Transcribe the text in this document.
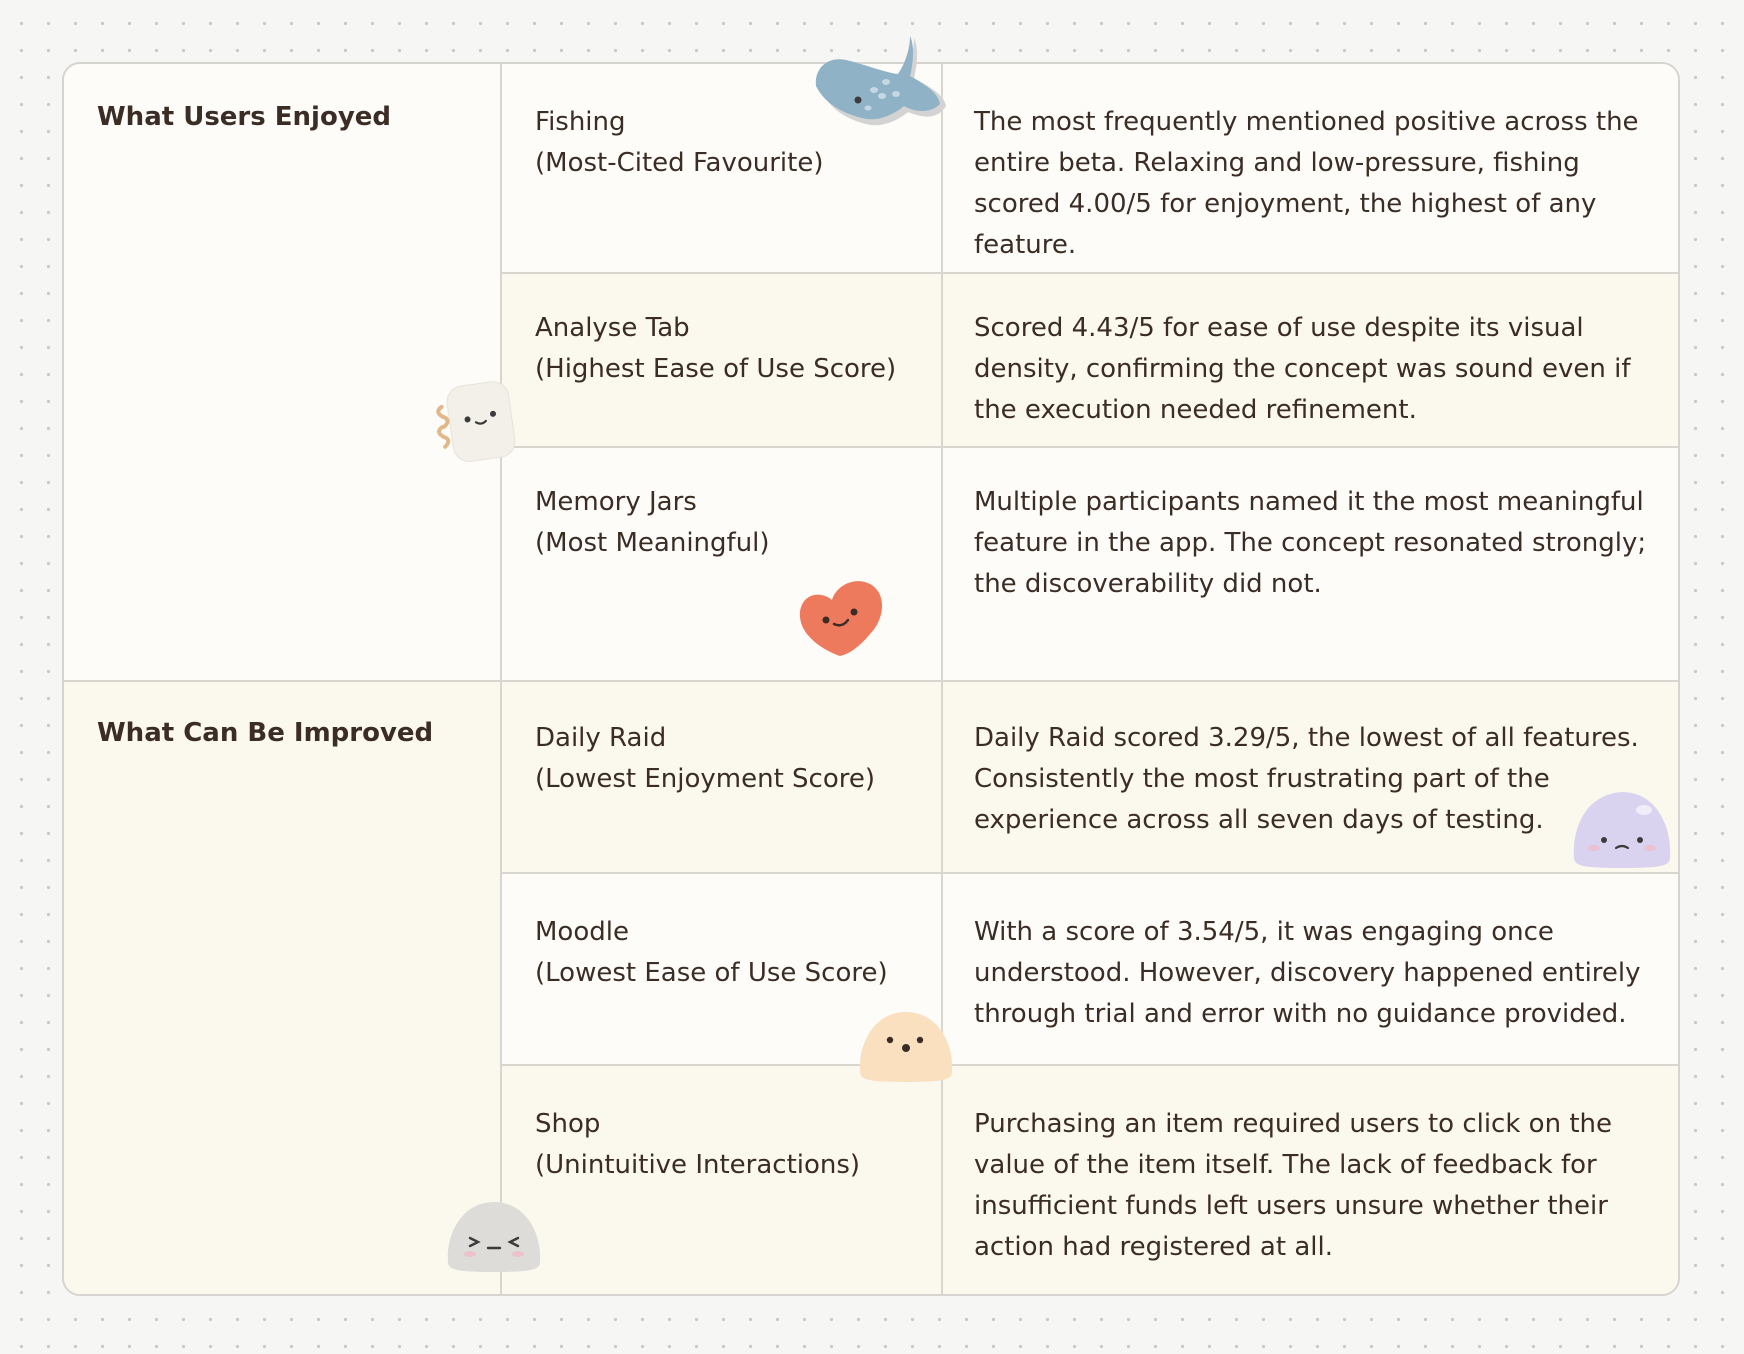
What Users Enjoyed	Fishing
(Most-Cited Favourite)
The most frequently mentioned positive across the entire beta. Relaxing and low-pressure, fishing scored 4.00/5 for enjoyment, the highest of any feature.
Analyse Tab
(Highest Ease of Use Score)
Scored 4.43/5 for ease of use despite its visual density, confirming the concept was sound even if the execution needed refinement.
Memory Jars
(Most Meaningful)
Multiple participants named it the most meaningful feature in the app. The concept resonated strongly; the discoverability did not.
What Can Be Improved	Daily Raid
(Lowest Enjoyment Score)
Daily Raid scored 3.29/5, the lowest of all features. Consistently the most frustrating part of the experience across all seven days of testing.
Moodle
(Lowest Ease of Use Score)
With a score of 3.54/5, it was engaging once understood. However, discovery happened entirely through trial and error with no guidance provided.
Shop
(Unintuitive Interactions)
Purchasing an item required users to click on the value of the item itself. The lack of feedback for insufficient funds left users unsure whether their action had registered at all.
